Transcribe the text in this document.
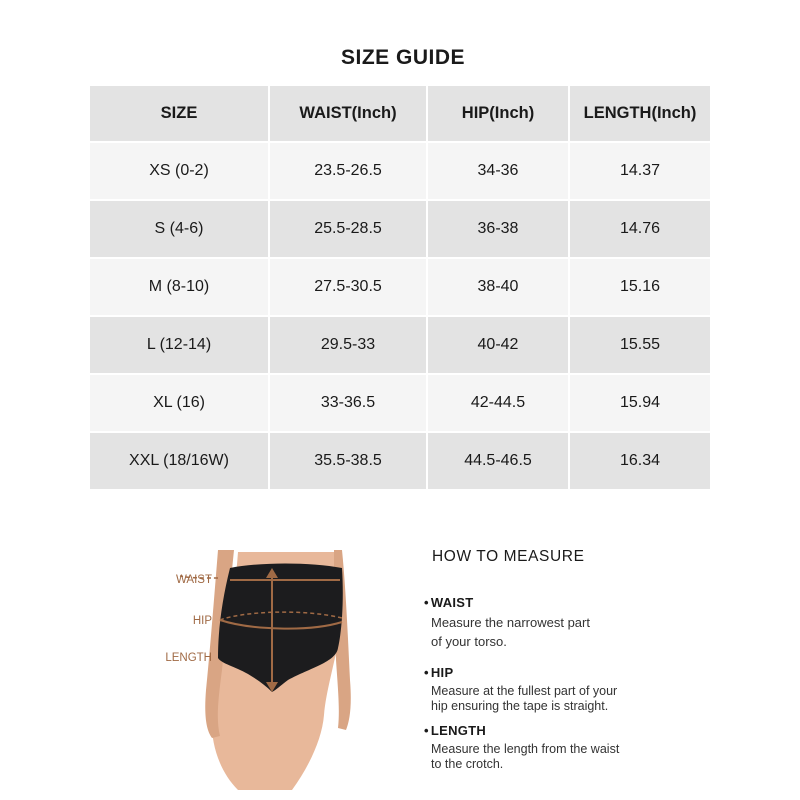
SIZE GUIDE
SIZE	WAIST(Inch)	HIP(Inch)	LENGTH(Inch)
XS (0-2)	23.5-26.5	34-36	14.37
S (4-6)	25.5-28.5	36-38	14.76
M (8-10)	27.5-30.5	38-40	15.16
L (12-14)	29.5-33	40-42	15.55
XL (16)	33-36.5	42-44.5	15.94
XXL (18/16W)	35.5-38.5	44.5-46.5	16.34
WAIST
HIP
LENGTH
HOW TO MEASURE
• WAIST
Measure the narrowest part
of your torso.
• HIP
Measure at the fullest part of your
hip ensuring the tape is straight.
• LENGTH
Measure the length from the waist
to the crotch.
